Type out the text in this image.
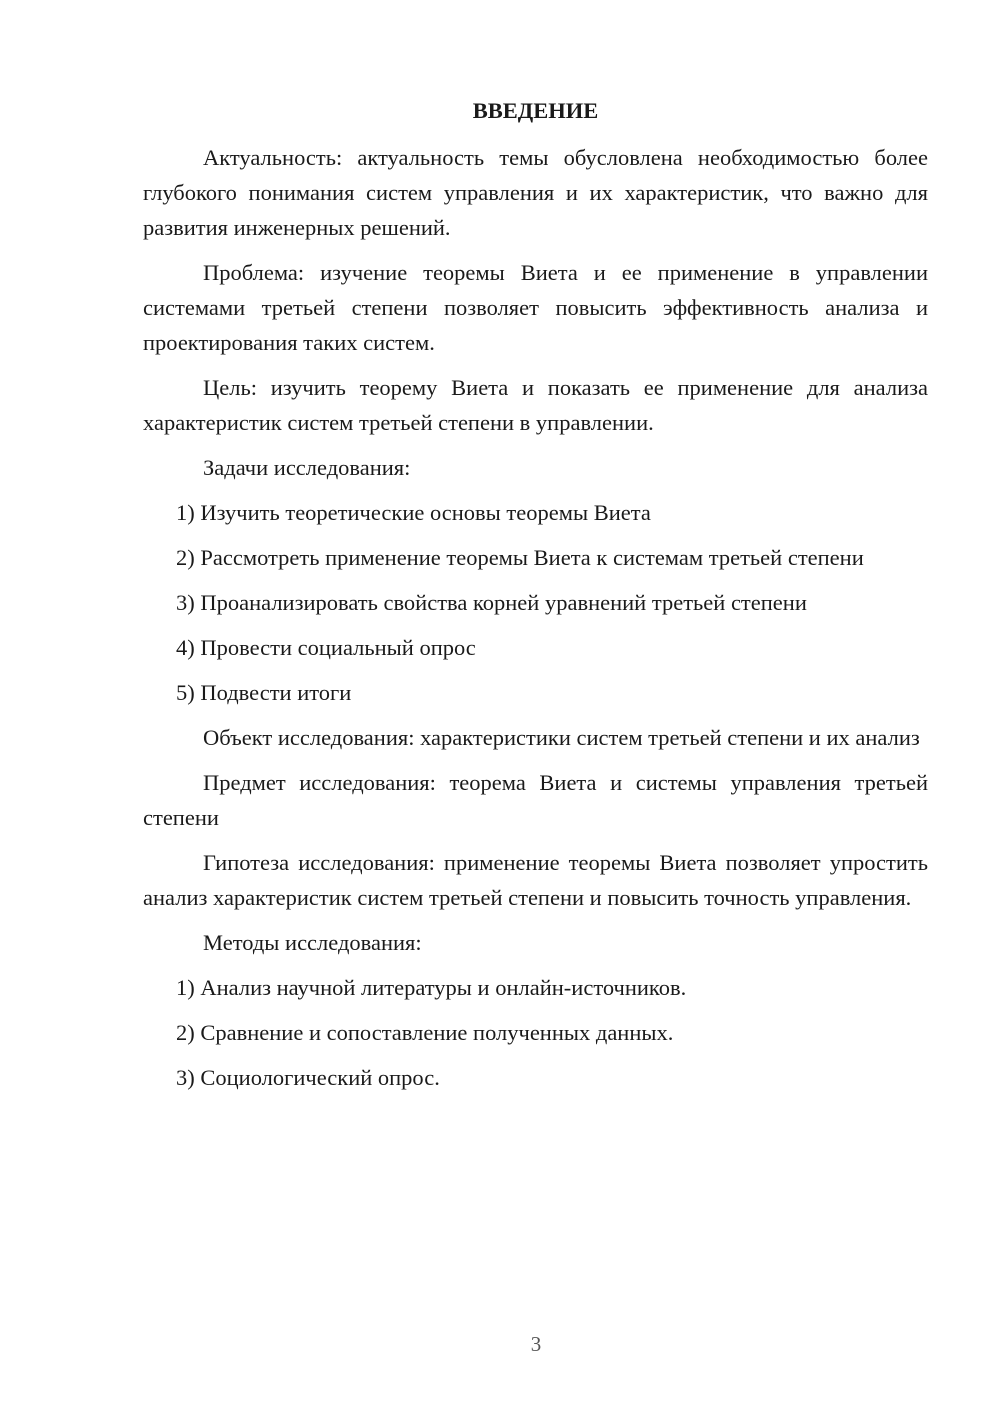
ВВЕДЕНИЕ

Актуальность: актуальность темы обусловлена необходимостью более глубокого понимания систем управления и их характеристик, что важно для развития инженерных решений.

Проблема: изучение теоремы Виета и ее применение в управлении системами третьей степени позволяет повысить эффективность анализа и проектирования таких систем.

Цель: изучить теорему Виета и показать ее применение для анализа характеристик систем третьей степени в управлении.

Задачи исследования:

1) Изучить теоретические основы теоремы Виета
2) Рассмотреть применение теоремы Виета к системам третьей степени
3) Проанализировать свойства корней уравнений третьей степени
4) Провести социальный опрос
5) Подвести итоги

Объект исследования: характеристики систем третьей степени и их анализ

Предмет исследования: теорема Виета и системы управления третьей степени

Гипотеза исследования: применение теоремы Виета позволяет упростить анализ характеристик систем третьей степени и повысить точность управления.

Методы исследования:

1) Анализ научной литературы и онлайн-источников.
2) Сравнение и сопоставление полученных данных.
3) Социологический опрос.
3
